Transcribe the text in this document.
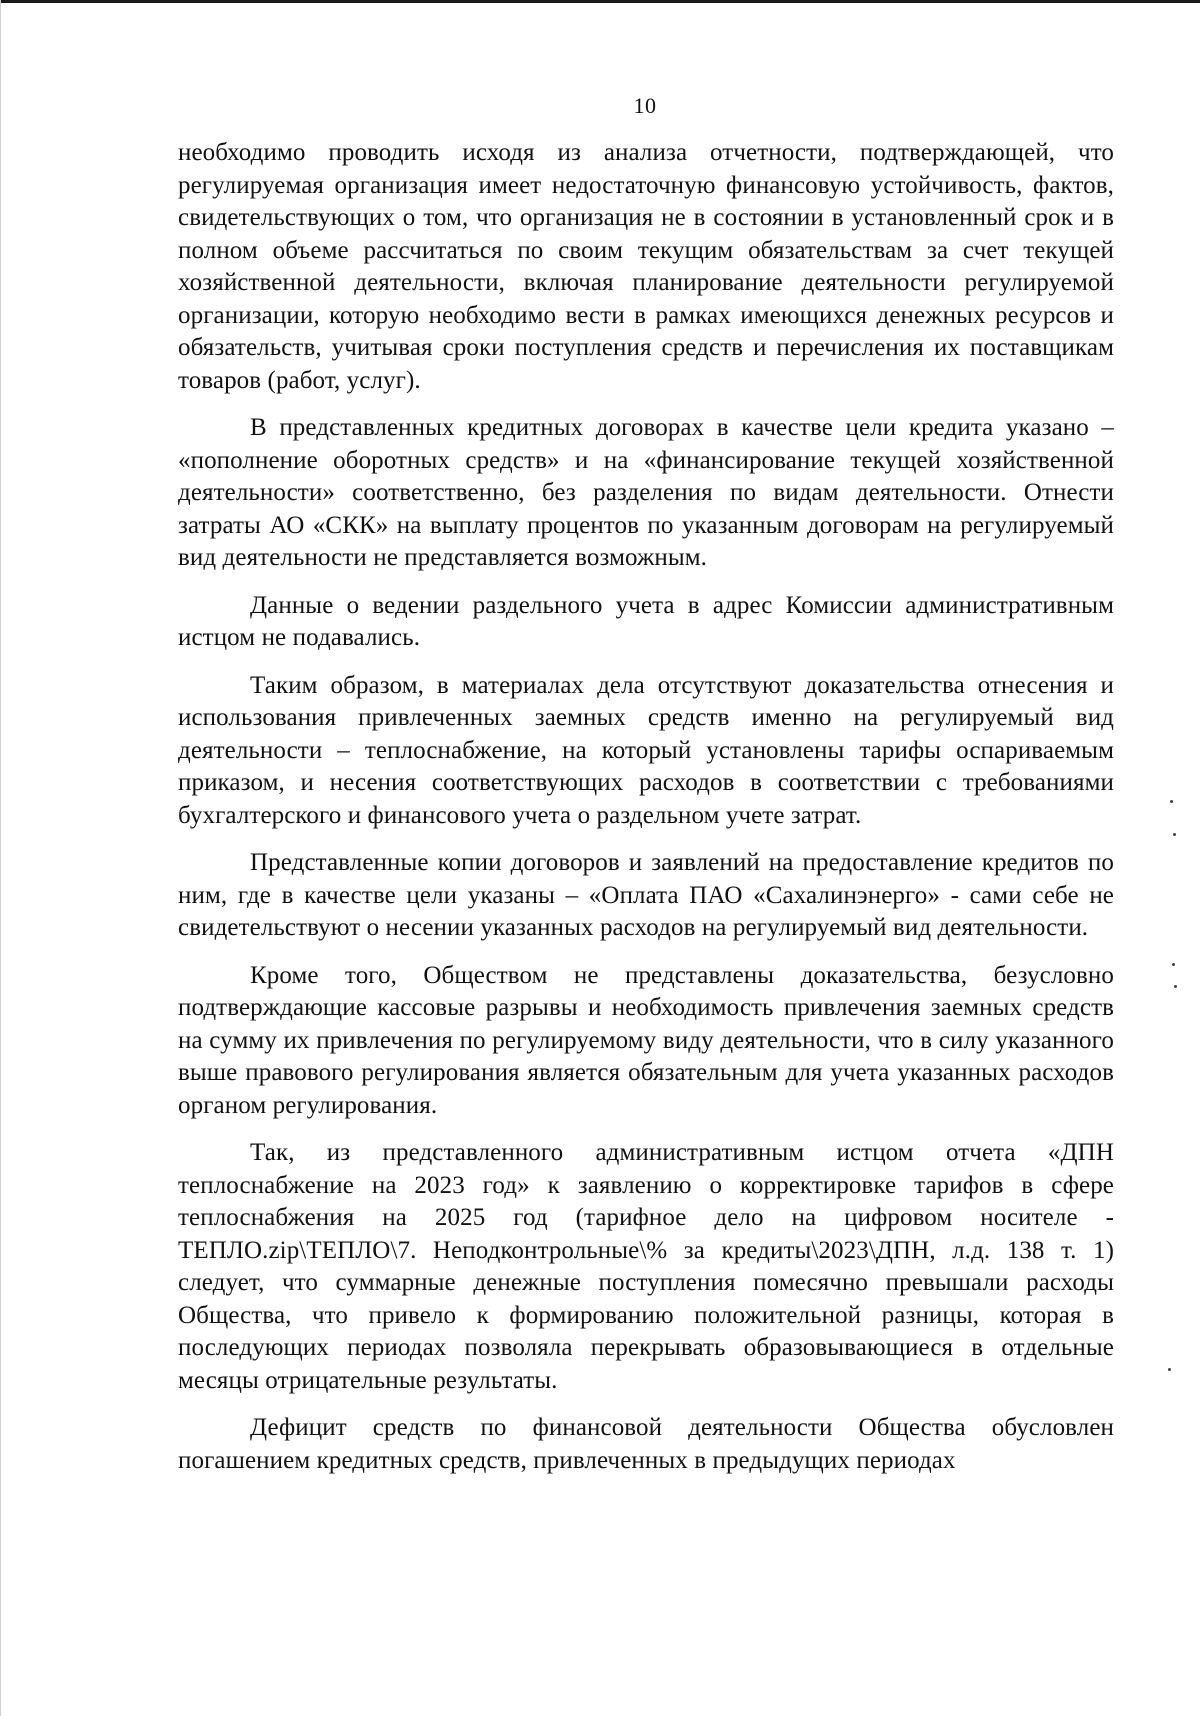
10

необходимо проводить исходя из анализа отчетности, подтверждающей, что регулируемая организация имеет недостаточную финансовую устойчивость, фактов, свидетельствующих о том, что организация не в состоянии в установленный срок и в полном объеме рассчитаться по своим текущим обязательствам за счет текущей хозяйственной деятельности, включая планирование деятельности регулируемой организации, которую необходимо вести в рамках имеющихся денежных ресурсов и обязательств, учитывая сроки поступления средств и перечисления их поставщикам товаров (работ, услуг).

В представленных кредитных договорах в качестве цели кредита указано – «пополнение оборотных средств» и на «финансирование текущей хозяйственной деятельности» соответственно, без разделения по видам деятельности. Отнести затраты АО «СКК» на выплату процентов по указанным договорам на регулируемый вид деятельности не представляется возможным.

Данные о ведении раздельного учета в адрес Комиссии административным истцом не подавались.

Таким образом, в материалах дела отсутствуют доказательства отнесения и использования привлеченных заемных средств именно на регулируемый вид деятельности – теплоснабжение, на который установлены тарифы оспариваемым приказом, и несения соответствующих расходов в соответствии с требованиями бухгалтерского и финансового учета о раздельном учете затрат.

Представленные копии договоров и заявлений на предоставление кредитов по ним, где в качестве цели указаны – «Оплата ПАО «Сахалинэнерго» - сами себе не свидетельствуют о несении указанных расходов на регулируемый вид деятельности.

Кроме того, Обществом не представлены доказательства, безусловно подтверждающие кассовые разрывы и необходимость привлечения заемных средств на сумму их привлечения по регулируемому виду деятельности, что в силу указанного выше правового регулирования является обязательным для учета указанных расходов органом регулирования.

Так, из представленного административным истцом отчета «ДПН теплоснабжение на 2023 год» к заявлению о корректировке тарифов в сфере теплоснабжения на 2025 год (тарифное дело на цифровом носителе - ТЕПЛО.zip\ТЕПЛО\7. Неподконтрольные\% за кредиты\2023\ДПН, л.д. 138 т. 1) следует, что суммарные денежные поступления помесячно превышали расходы Общества, что привело к формированию положительной разницы, которая в последующих периодах позволяла перекрывать образовывающиеся в отдельные месяцы отрицательные результаты.

Дефицит средств по финансовой деятельности Общества обусловлен погашением кредитных средств, привлеченных в предыдущих периодах
